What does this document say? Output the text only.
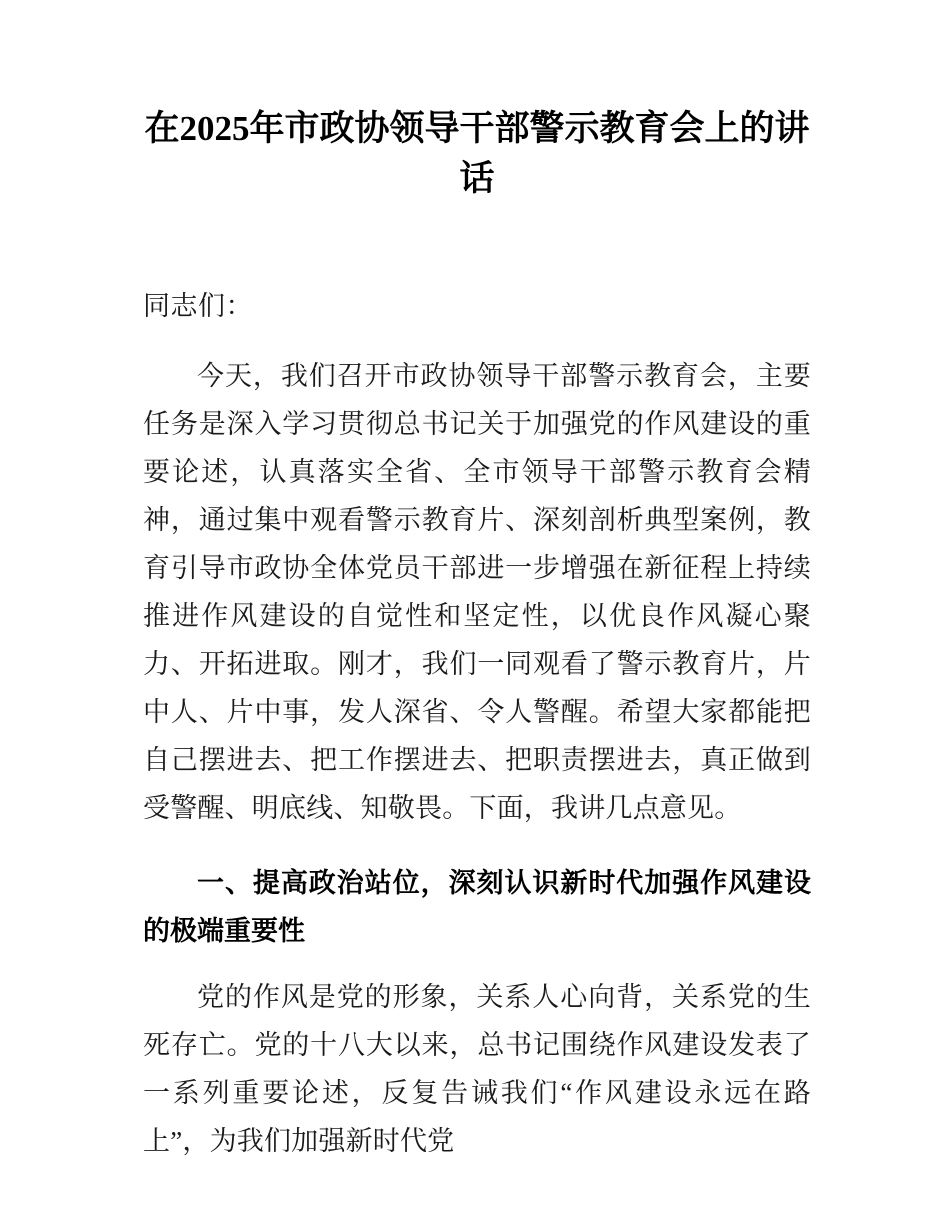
在2025年市政协领导干部警示教育会上的讲话

同志们：

今天，我们召开市政协领导干部警示教育会，主要任务是深入学习贯彻总书记关于加强党的作风建设的重要论述，认真落实全省、全市领导干部警示教育会精神，通过集中观看警示教育片、深刻剖析典型案例，教育引导市政协全体党员干部进一步增强在新征程上持续推进作风建设的自觉性和坚定性，以优良作风凝心聚力、开拓进取。刚才，我们一同观看了警示教育片，片中人、片中事，发人深省、令人警醒。希望大家都能把自己摆进去、把工作摆进去、把职责摆进去，真正做到受警醒、明底线、知敬畏。下面，我讲几点意见。

一、提高政治站位，深刻认识新时代加强作风建设的极端重要性

党的作风是党的形象，关系人心向背，关系党的生死存亡。党的十八大以来，总书记围绕作风建设发表了一系列重要论述，反复告诫我们“作风建设永远在路上”，为我们加强新时代党
